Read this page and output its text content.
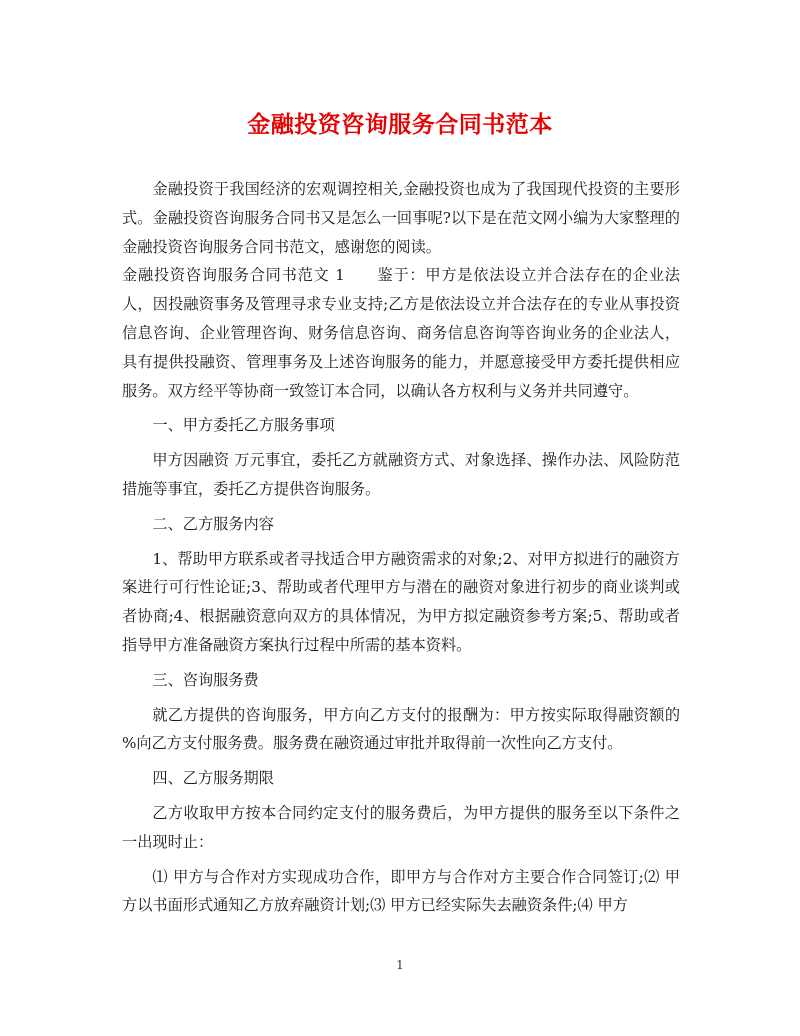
金融投资咨询服务合同书范本

金融投资于我国经济的宏观调控相关,金融投资也成为了我国现代投资的主要形式。金融投资咨询服务合同书又是怎么一回事呢?以下是在范文网小编为大家整理的金融投资咨询服务合同书范文，感谢您的阅读。

金融投资咨询服务合同书范文 1　　鉴于：甲方是依法设立并合法存在的企业法人，因投融资事务及管理寻求专业支持;乙方是依法设立并合法存在的专业从事投资信息咨询、企业管理咨询、财务信息咨询、商务信息咨询等咨询业务的企业法人，具有提供投融资、管理事务及上述咨询服务的能力，并愿意接受甲方委托提供相应服务。双方经平等协商一致签订本合同，以确认各方权利与义务并共同遵守。

一、甲方委托乙方服务事项

甲方因融资 万元事宜，委托乙方就融资方式、对象选择、操作办法、风险防范措施等事宜，委托乙方提供咨询服务。

二、乙方服务内容

1、帮助甲方联系或者寻找适合甲方融资需求的对象;2、对甲方拟进行的融资方案进行可行性论证;3、帮助或者代理甲方与潜在的融资对象进行初步的商业谈判或者协商;4、根据融资意向双方的具体情况，为甲方拟定融资参考方案;5、帮助或者指导甲方准备融资方案执行过程中所需的基本资料。

三、咨询服务费

就乙方提供的咨询服务，甲方向乙方支付的报酬为：甲方按实际取得融资额的 %向乙方支付服务费。服务费在融资通过审批并取得前一次性向乙方支付。

四、乙方服务期限

乙方收取甲方按本合同约定支付的服务费后，为甲方提供的服务至以下条件之一出现时止：

⑴ 甲方与合作对方实现成功合作，即甲方与合作对方主要合作合同签订;⑵ 甲方以书面形式通知乙方放弃融资计划;⑶ 甲方已经实际失去融资条件;⑷ 甲方

1
